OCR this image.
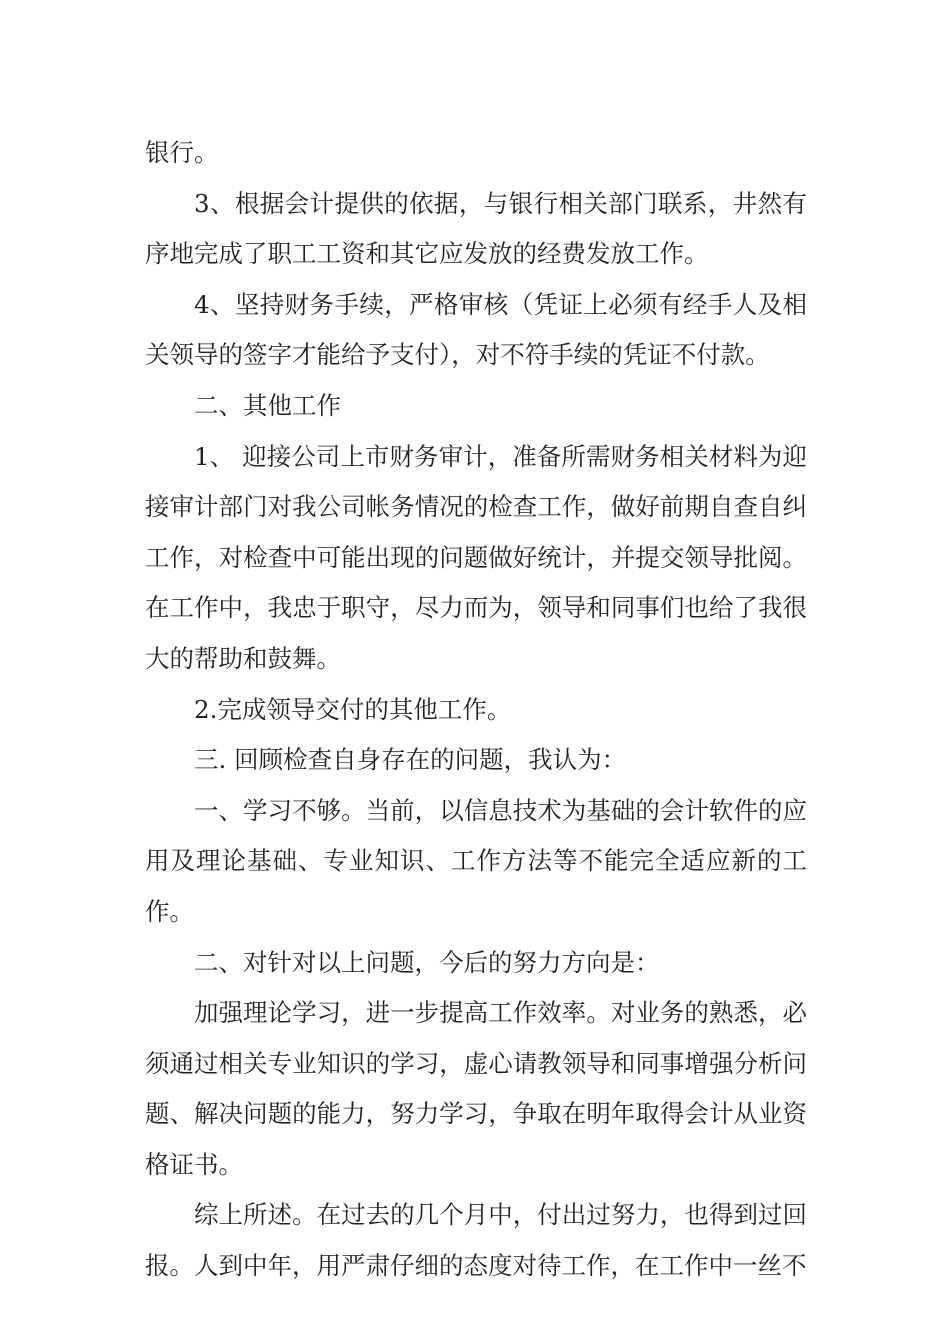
银行。

3、根据会计提供的依据，与银行相关部门联系，井然有序地完成了职工工资和其它应发放的经费发放工作。

4、坚持财务手续，严格审核（凭证上必须有经手人及相关领导的签字才能给予支付），对不符手续的凭证不付款。

二、其他工作

1、 迎接公司上市财务审计，准备所需财务相关材料为迎接审计部门对我公司帐务情况的检查工作，做好前期自查自纠工作，对检查中可能出现的问题做好统计，并提交领导批阅。在工作中，我忠于职守，尽力而为，领导和同事们也给了我很大的帮助和鼓舞。

2.完成领导交付的其他工作。

三. 回顾检查自身存在的问题，我认为：

一、学习不够。当前，以信息技术为基础的会计软件的应用及理论基础、专业知识、工作方法等不能完全适应新的工作。

二、对针对以上问题，今后的努力方向是：

加强理论学习，进一步提高工作效率。对业务的熟悉，必须通过相关专业知识的学习，虚心请教领导和同事增强分析问题、解决问题的能力，努力学习，争取在明年取得会计从业资格证书。

综上所述。在过去的几个月中，付出过努力，也得到过回报。人到中年，用严肃仔细的态度对待工作，在工作中一丝不
